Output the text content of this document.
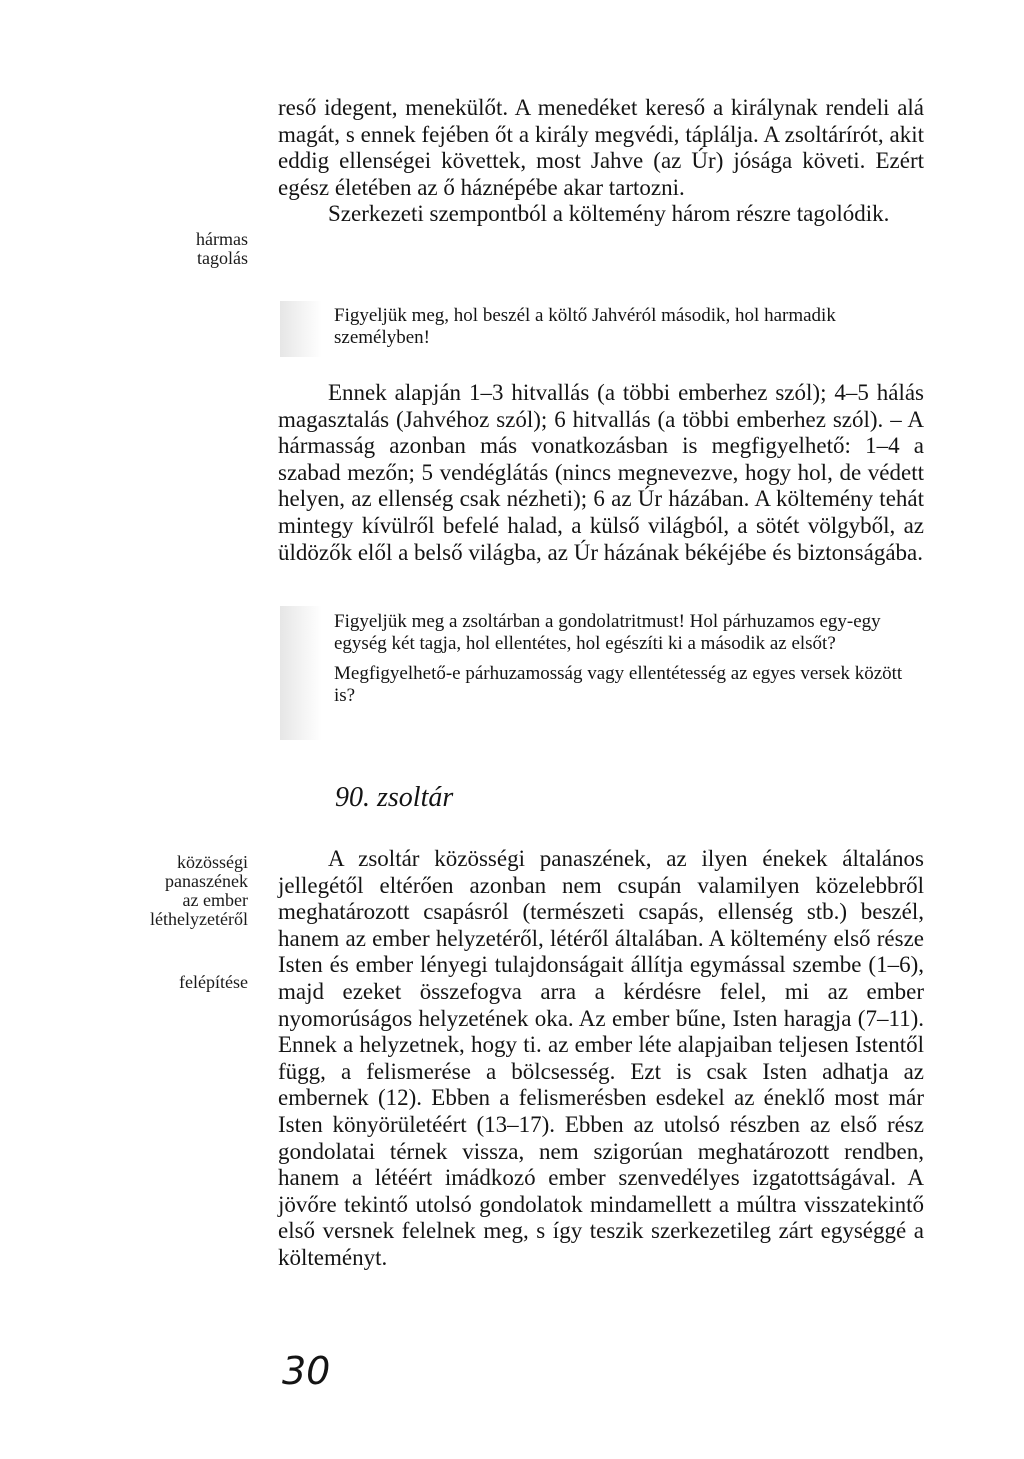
hármas
tagolás
közösségi
panaszének
az ember
léthelyzetéről
felépítése

reső idegent, menekülőt. A menedéket kereső a királynak rendeli alá magát, s ennek fejében őt a király megvédi, táplálja. A zsoltárírót, akit eddig ellenségei követtek, most Jahve (az Úr) jósága követi. Ezért egész életében az ő háznépébe akar tartozni.

Szerkezeti szempontból a költemény három részre tagolódik.

Figyeljük meg, hol beszél a költő Jahvéról második, hol harmadik személyben!

Ennek alapján 1–3 hitvallás (a többi emberhez szól); 4–5 hálás magasztalás (Jahvéhoz szól); 6 hitvallás (a többi emberhez szól). – A hármasság azonban más vonatkozásban is megfigyelhető: 1–4 a szabad mezőn; 5 vendéglátás (nincs megnevezve, hogy hol, de védett helyen, az ellenség csak nézheti); 6 az Úr házában. A költemény tehát mintegy kívülről befelé halad, a külső világból, a sötét völgyből, az üldözők elől a belső világba, az Úr házának békéjébe és biztonságába.

Figyeljük meg a zsoltárban a gondolatritmust! Hol párhuzamos egy-egy egység két tagja, hol ellentétes, hol egészíti ki a második az elsőt?

Megfigyelhető-e párhuzamosság vagy ellentétesség az egyes versek között is?

90. zsoltár

A zsoltár közösségi panaszének, az ilyen énekek általános jellegétől eltérően azonban nem csupán valamilyen közelebbről meghatározott csapásról (természeti csapás, ellenség stb.) beszél, hanem az ember helyzetéről, létéről általában. A költemény első része Isten és ember lényegi tulajdonságait állítja egymással szembe (1–6), majd ezeket összefogva arra a kérdésre felel, mi az ember nyomorúságos helyzetének oka. Az ember bűne, Isten haragja (7–11). Ennek a helyzetnek, hogy ti. az ember léte alapjaiban teljesen Istentől függ, a felismerése a bölcsesség. Ezt is csak Isten adhatja az embernek (12). Ebben a felismerésben esdekel az éneklő most már Isten könyörületéért (13–17). Ebben az utolsó részben az első rész gondolatai térnek vissza, nem szigorúan meghatározott rendben, hanem a létéért imádkozó ember szenvedélyes izgatottságával. A jövőre tekintő utolsó gondolatok mindamellett a múltra visszatekintő első versnek felelnek meg, s így teszik szerkezetileg zárt egységgé a költeményt.

30
